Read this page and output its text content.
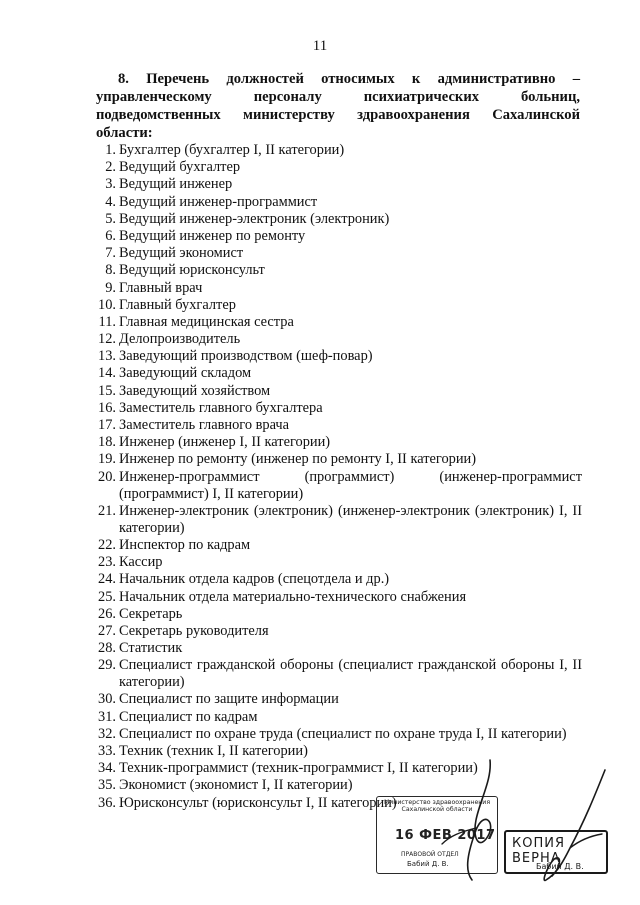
11
8. Перечень должностей относимых к административно – управленческому персоналу психиатрических больниц, подведомственных министерству здравоохранения Сахалинской области:
1. Бухгалтер (бухгалтер I, II категории)
2. Ведущий бухгалтер
3. Ведущий инженер
4. Ведущий инженер-программист
5. Ведущий инженер-электроник (электроник)
6. Ведущий инженер по ремонту
7. Ведущий экономист
8. Ведущий юрисконсульт
9. Главный врач
10. Главный бухгалтер
11. Главная медицинская сестра
12. Делопроизводитель
13. Заведующий производством (шеф-повар)
14. Заведующий складом
15. Заведующий хозяйством
16. Заместитель главного бухгалтера
17. Заместитель главного врача
18. Инженер (инженер I, II категории)
19. Инженер по ремонту (инженер по ремонту I, II категории)
20. Инженер-программист (программист) (инженер-программист (программист) I, II категории)
21. Инженер-электроник (электроник) (инженер-электроник (электроник) I, II категории)
22. Инспектор по кадрам
23. Кассир
24. Начальник отдела кадров (спецотдела и др.)
25. Начальник отдела материально-технического снабжения
26. Секретарь
27. Секретарь руководителя
28. Статистик
29. Специалист гражданской обороны (специалист гражданской обороны I, II категории)
30. Специалист по защите информации
31. Специалист по кадрам
32. Специалист по охране труда (специалист по охране труда I, II категории)
33. Техник (техник I, II категории)
34. Техник-программист (техник-программист I, II категории)
35. Экономист (экономист I, II категории)
36. Юрисконсульт (юрисконсульт I, II категории)
Министерство здравоохранения Сахалинской области
16 ФЕВ 2017
ПРАВОВОЙ ОТДЕЛ
Бабий Д. В.
КОПИЯ ВЕРНА
Бабий Д. В.
